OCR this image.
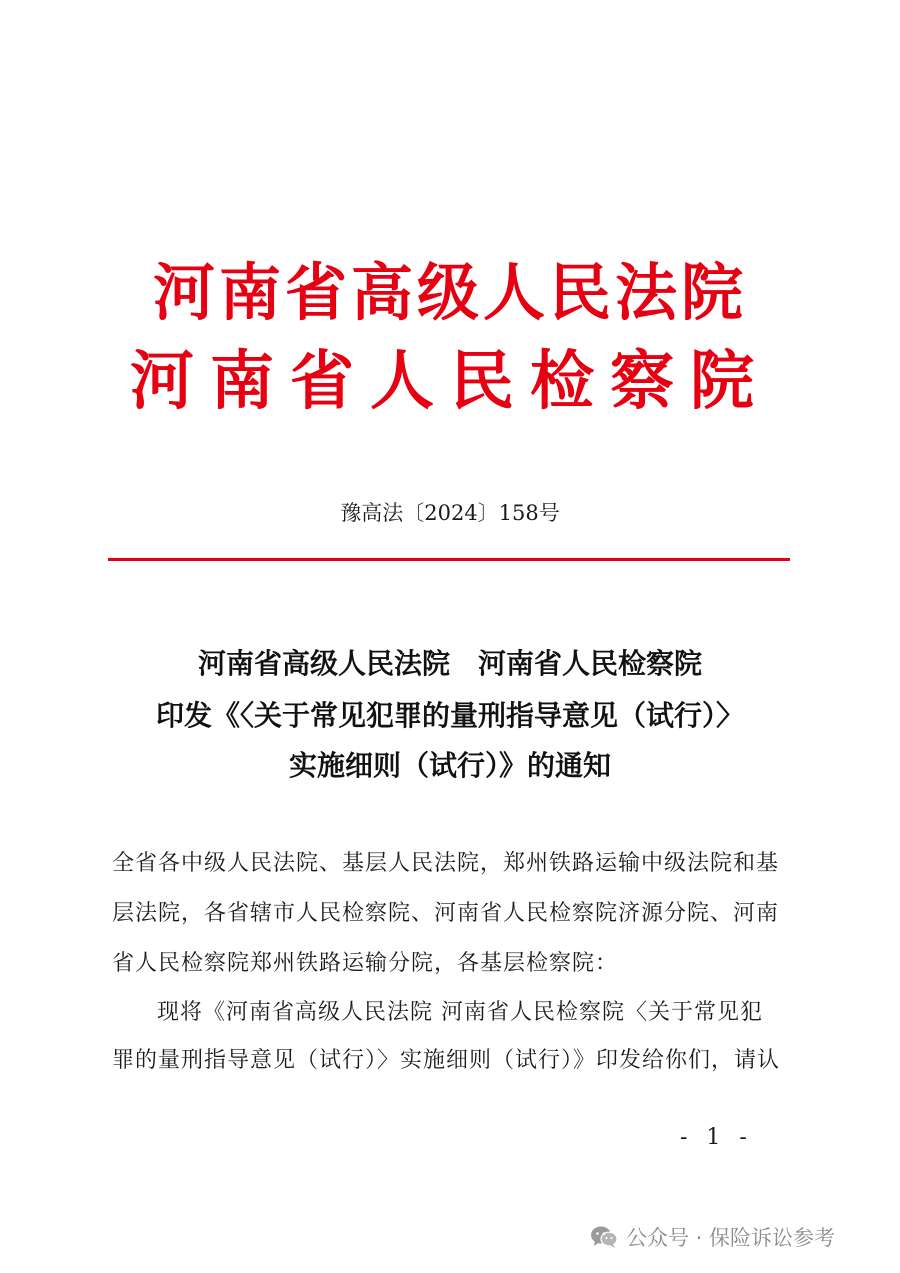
河南省高级人民法院
河南省人民检察院
豫高法〔2024〕158号
河南省高级人民法院　河南省人民检察院
印发《〈关于常见犯罪的量刑指导意见（试行）〉
实施细则（试行）》的通知
全省各中级人民法院、基层人民法院，郑州铁路运输中级法院和基
层法院，各省辖市人民检察院、河南省人民检察院济源分院、河南
省人民检察院郑州铁路运输分院，各基层检察院：
现将《河南省高级人民法院 河南省人民检察院〈关于常见犯
罪的量刑指导意见（试行）〉实施细则（试行）》印发给你们，请认
- 1 -
公众号 · 保险诉讼参考
